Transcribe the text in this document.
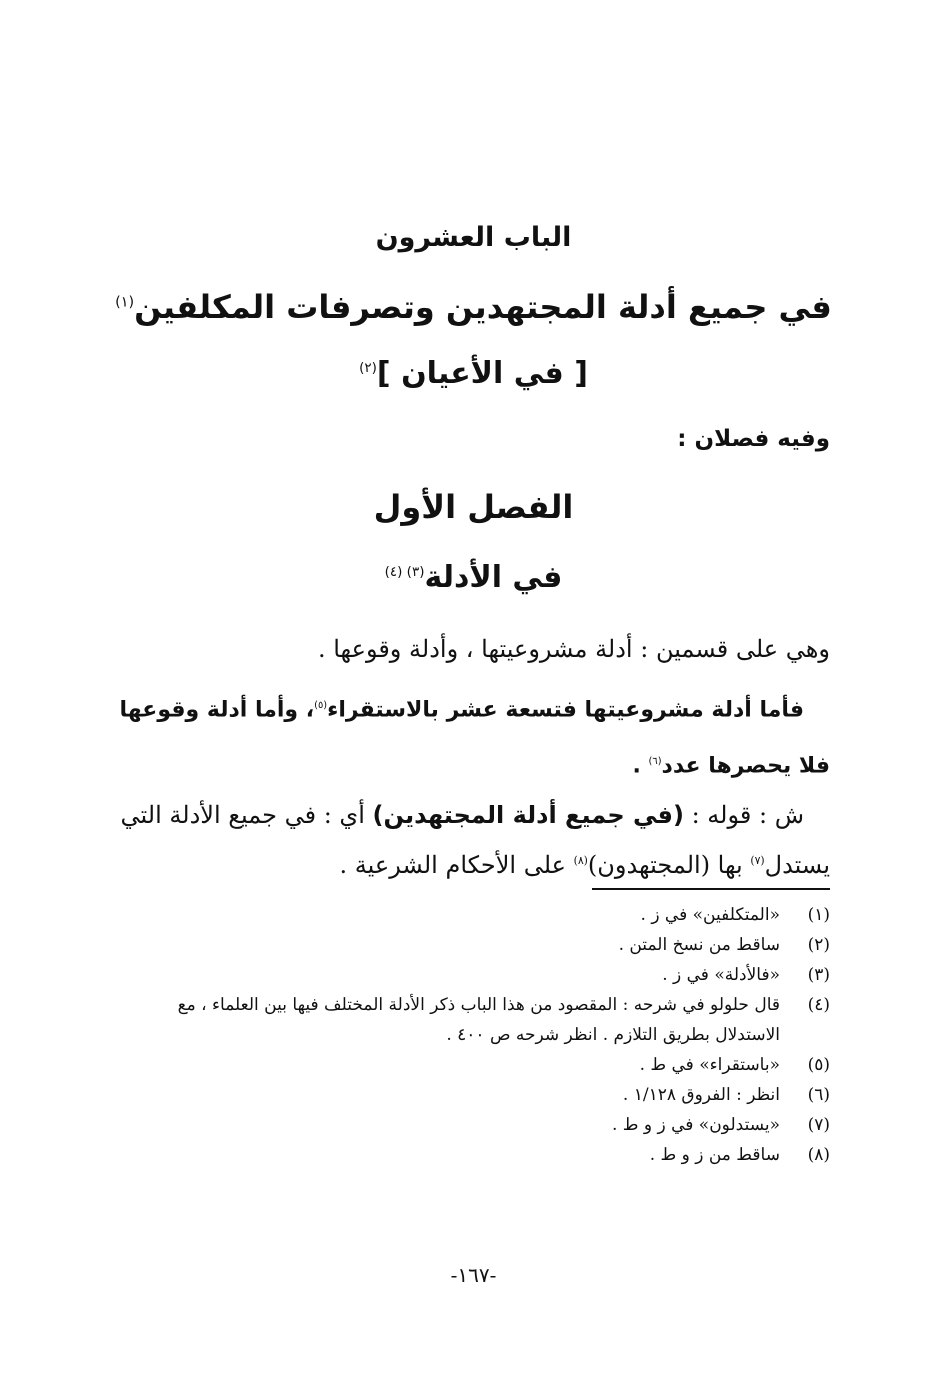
الباب العشرون
في جميع أدلة المجتهدين وتصرفات المكلفين$^{(١)}$
[ في الأعيان ]$^{(٢)}$
وفيه فصلان :
الفصل الأول
في الأدلة$^{(٣) (٤)}$
وهي على قسمين : أدلة مشروعيتها ، وأدلة وقوعها .
فأما أدلة مشروعيتها فتسعة عشر بالاستقراء$^{(٥)}$، وأما أدلة وقوعها فلا يحصرها عدد$^{(٦)}$ .
ش : قوله : (في جميع أدلة المجتهدين) أي : في جميع الأدلة التي يستدل$^{(٧)}$ بها (المجتهدون)$^{(٨)}$ على الأحكام الشرعية .
(١)
«المتكلفين» في ز .
(٢)
ساقط من نسخ المتن .
(٣)
«فالأدلة» في ز .
(٤)
قال حلولو في شرحه : المقصود من هذا الباب ذكر الأدلة المختلف فيها بين العلماء ، مع الاستدلال بطريق التلازم . انظر شرحه ص ٤٠٠ .
(٥)
«باستقراء» في ط .
(٦)
انظر : الفروق ١/١٢٨ .
(٧)
«يستدلون» في ز و ط .
(٨)
ساقط من ز و ط .
-١٦٧-
